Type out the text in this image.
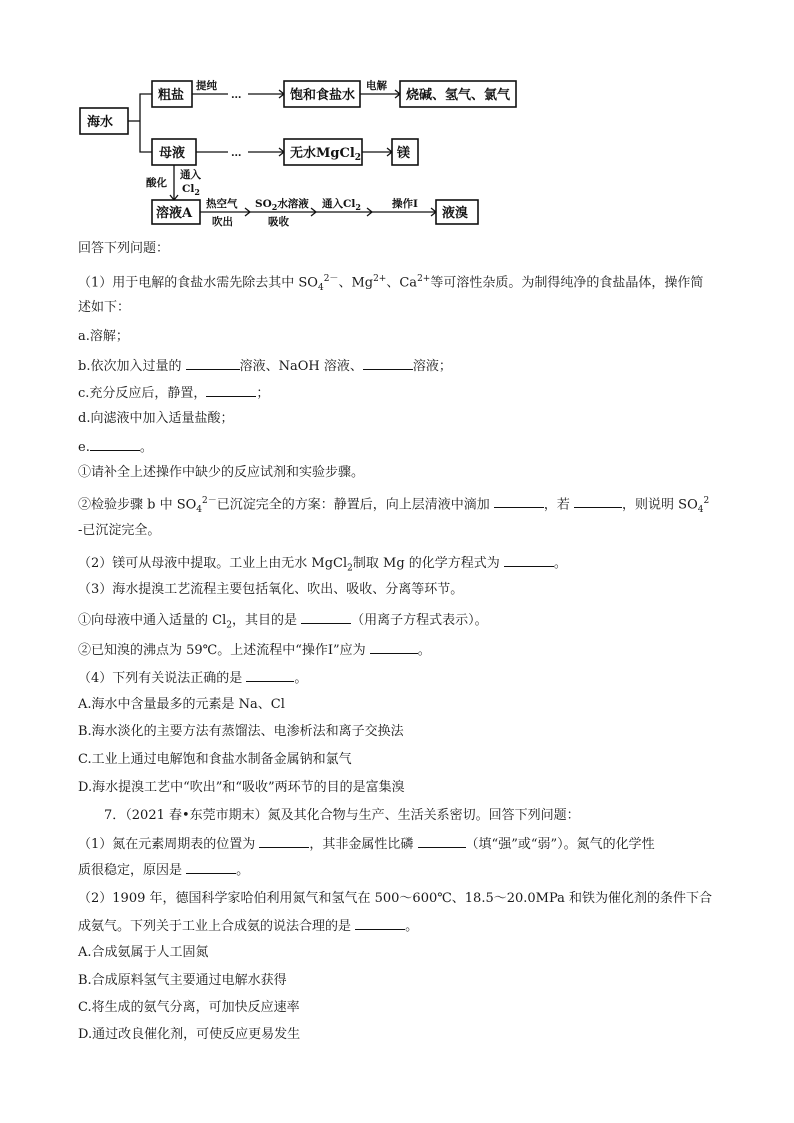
海水
粗盐
提纯
…	饱和食盐水
电解
烧碱、氢气、氯气
母液	…	无水MgCl$_2$	镁
酸化
通入
$Cl_2$
溶液A
热空气
吹出
$SO_2$水溶液
吸收
通入$Cl_2$	操作I
液溴
回答下列问题：
（1）用于电解的食盐水需先除去其中 $SO_4^{2-}$、$Mg^{2+}$、$Ca^{2+}$等可溶性杂质。为制得纯净的食盐晶体，操作简
述如下：
a.溶解；
b.依次加入过量的	溶液、NaOH 溶液、	溶液；
c.充分反应后，静置，	；
d.向滤液中加入适量盐酸；
e.	。
①请补全上述操作中缺少的反应试剂和实验步骤。
②检验步骤 b 中 $SO_4^{2-}$已沉淀完全的方案：静置后，向上层清液中滴加	，若	，则说明 $SO_4^2$
-已沉淀完全。
（2）镁可从母液中提取。工业上由无水 MgCl$_2$制取 Mg 的化学方程式为	。
（3）海水提溴工艺流程主要包括氧化、吹出、吸收、分离等环节。
①向母液中通入适量的 $Cl_2$，其目的是	（用离子方程式表示）。
②已知溴的沸点为 59℃。上述流程中“操作Ⅰ”应为	。
（4）下列有关说法正确的是	。
A.海水中含量最多的元素是 Na、Cl
B.海水淡化的主要方法有蒸馏法、电渗析法和离子交换法
C.工业上通过电解饱和食盐水制备金属钠和氯气
D.海水提溴工艺中“吹出”和“吸收”两环节的目的是富集溴
7．（2021 春•东莞市期末）氮及其化合物与生产、生活关系密切。回答下列问题：
（1）氮在元素周期表的位置为	，其非金属性比磷	（填“强”或“弱”）。氮气的化学性
质很稳定，原因是	。
（2）1909 年，德国科学家哈伯利用氮气和氢气在 500～600℃、18.5～20.0MPa 和铁为催化剂的条件下合
成氨气。下列关于工业上合成氨的说法合理的是	。
A.合成氨属于人工固氮
B.合成原料氢气主要通过电解水获得
C.将生成的氨气分离，可加快反应速率
D.通过改良催化剂，可使反应更易发生
